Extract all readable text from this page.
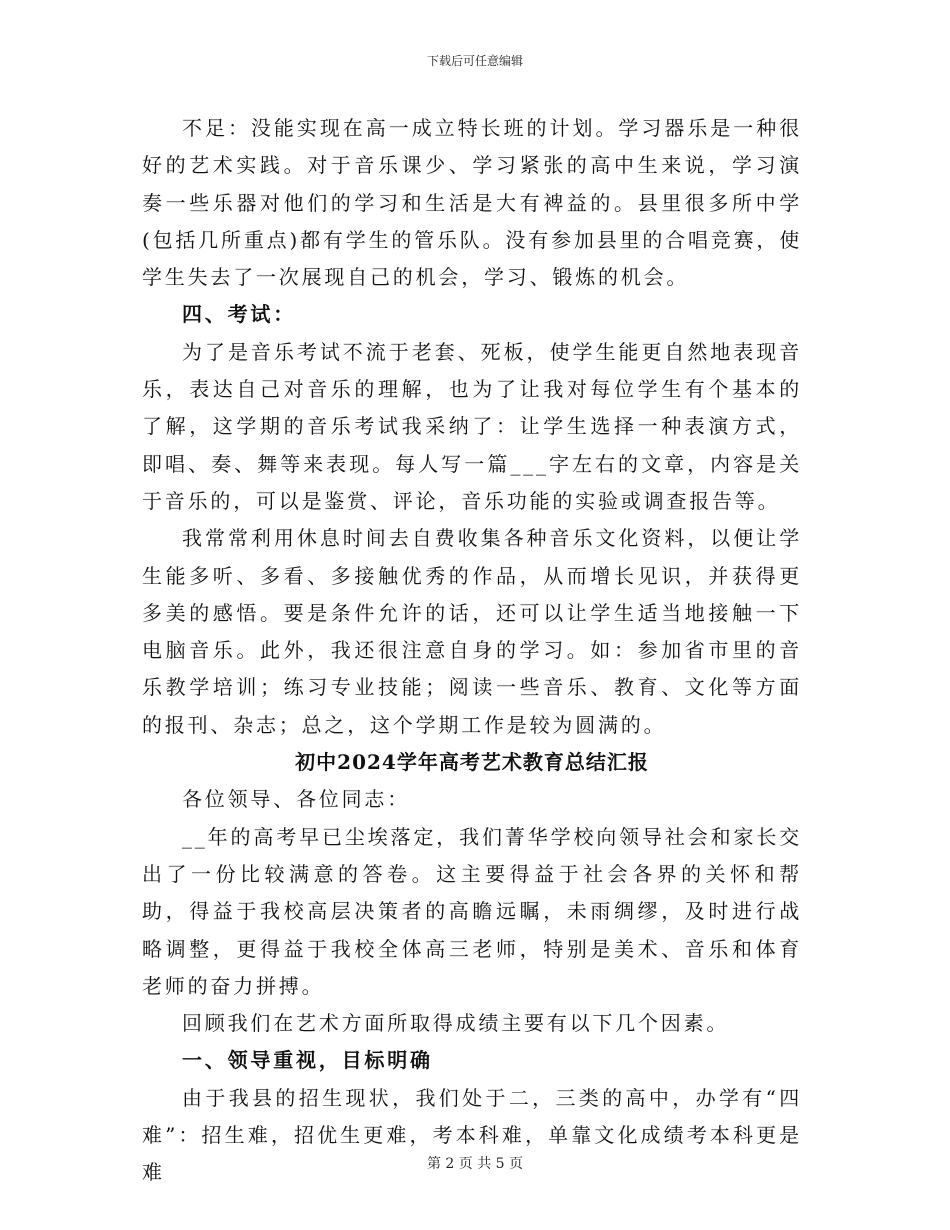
下载后可任意编辑

不足：没能实现在高一成立特长班的计划。学习器乐是一种很好的艺术实践。对于音乐课少、学习紧张的高中生来说，学习演奏一些乐器对他们的学习和生活是大有裨益的。县里很多所中学(包括几所重点)都有学生的管乐队。没有参加县里的合唱竞赛，使学生失去了一次展现自己的机会，学习、锻炼的机会。

四、考试：

为了是音乐考试不流于老套、死板，使学生能更自然地表现音乐，表达自己对音乐的理解，也为了让我对每位学生有个基本的了解，这学期的音乐考试我采纳了：让学生选择一种表演方式，即唱、奏、舞等来表现。每人写一篇___字左右的文章，内容是关于音乐的，可以是鉴赏、评论，音乐功能的实验或调查报告等。

我常常利用休息时间去自费收集各种音乐文化资料，以便让学生能多听、多看、多接触优秀的作品，从而增长见识，并获得更多美的感悟。要是条件允许的话，还可以让学生适当地接触一下电脑音乐。此外，我还很注意自身的学习。如：参加省市里的音乐教学培训；练习专业技能；阅读一些音乐、教育、文化等方面的报刊、杂志；总之，这个学期工作是较为圆满的。

初中2024学年高考艺术教育总结汇报

各位领导、各位同志：

__年的高考早已尘埃落定，我们菁华学校向领导社会和家长交出了一份比较满意的答卷。这主要得益于社会各界的关怀和帮助，得益于我校高层决策者的高瞻远瞩，未雨绸缪，及时进行战略调整，更得益于我校全体高三老师，特别是美术、音乐和体育老师的奋力拼搏。

回顾我们在艺术方面所取得成绩主要有以下几个因素。

一、领导重视，目标明确

由于我县的招生现状，我们处于二，三类的高中，办学有“四难”：招生难，招优生更难，考本科难，单靠文化成绩考本科更是难	第 2 页 共 5 页
